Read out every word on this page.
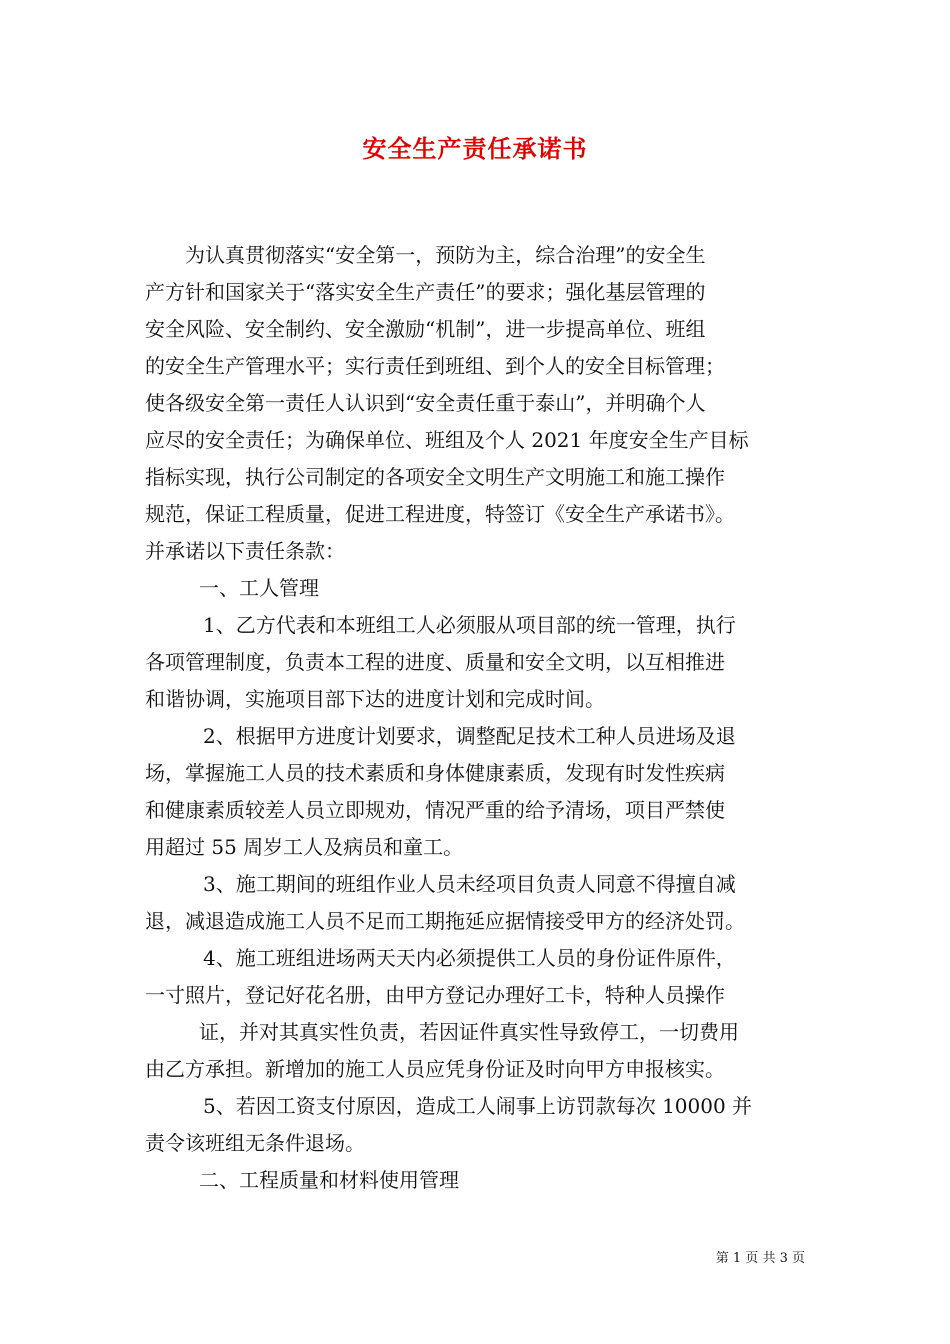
安全生产责任承诺书
为认真贯彻落实“安全第一，预防为主，综合治理”的安全生
产方针和国家关于“落实安全生产责任”的要求；强化基层管理的
安全风险、安全制约、安全激励“机制”，进一步提高单位、班组
的安全生产管理水平；实行责任到班组、到个人的安全目标管理；
使各级安全第一责任人认识到“安全责任重于泰山”，并明确个人
应尽的安全责任；为确保单位、班组及个人 2021 年度安全生产目标
指标实现，执行公司制定的各项安全文明生产文明施工和施工操作
规范，保证工程质量，促进工程进度，特签订《安全生产承诺书》。
并承诺以下责任条款：
一、工人管理
1、乙方代表和本班组工人必须服从项目部的统一管理，执行
各项管理制度，负责本工程的进度、质量和安全文明，以互相推进
和谐协调，实施项目部下达的进度计划和完成时间。
2、根据甲方进度计划要求，调整配足技术工种人员进场及退
场，掌握施工人员的技术素质和身体健康素质，发现有时发性疾病
和健康素质较差人员立即规劝，情况严重的给予清场，项目严禁使
用超过 55 周岁工人及病员和童工。
3、施工期间的班组作业人员未经项目负责人同意不得擅自减
退，减退造成施工人员不足而工期拖延应据情接受甲方的经济处罚。
4、施工班组进场两天天内必须提供工人员的身份证件原件，
一寸照片，登记好花名册，由甲方登记办理好工卡，特种人员操作
证，并对其真实性负责，若因证件真实性导致停工，一切费用
由乙方承担。新增加的施工人员应凭身份证及时向甲方申报核实。
5、若因工资支付原因，造成工人闹事上访罚款每次 10000 并
责令该班组无条件退场。
二、工程质量和材料使用管理
第 1 页 共 3 页
